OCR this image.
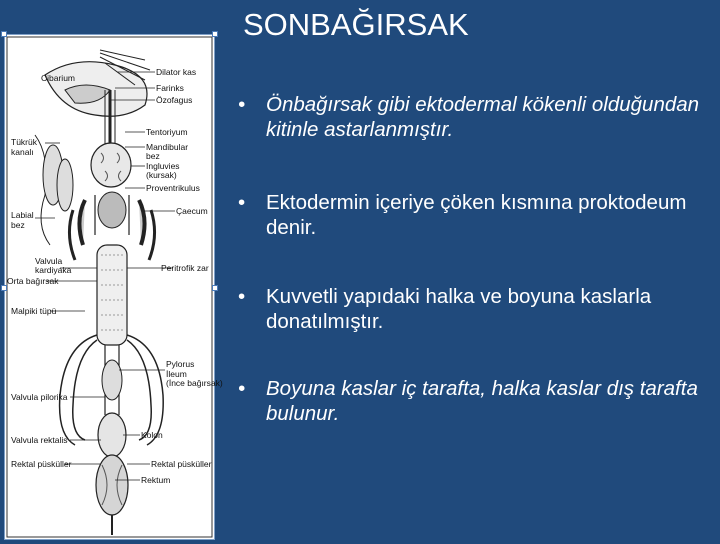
SONBAĞIRSAK
Cibarium
Dilator kas
Farinks
Özofagus
Tükrük
kanalı
Tentoriyum
Mandibular
bez
Ingluvies
(kursak)
Proventrikulus
Labial
bez
Çaecum
Valvula
kardiyaka	Peritrofik zar
Orta bağırsak
Malpiki tüpü
Pylorus
İleum
(İnce bağırsak)
Valvula pilorika
Valvula rektalis	Kolon
Rektal püsküller	Rektal püsküller
Rektum
• Önbağırsak gibi ektodermal kökenli olduğundan kitinle astarlanmıştır.
• Ektodermin içeriye çöken kısmına proktodeum denir.
• Kuvvetli yapıdaki halka ve boyuna kaslarla donatılmıştır.
• Boyuna kaslar iç tarafta, halka kaslar dış tarafta bulunur.
